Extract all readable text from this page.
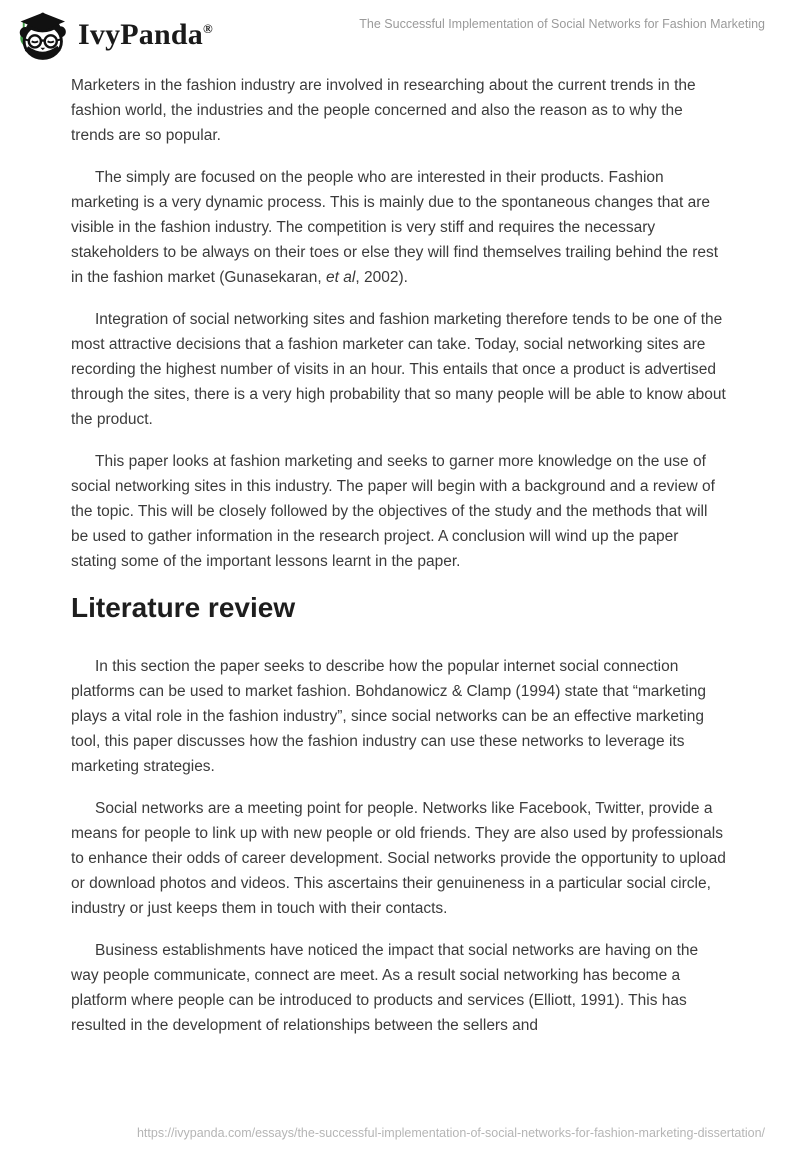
IvyPanda®	The Successful Implementation of Social Networks for Fashion Marketing

Marketers in the fashion industry are involved in researching about the current trends in the fashion world, the industries and the people concerned and also the reason as to why the trends are so popular.

The simply are focused on the people who are interested in their products. Fashion marketing is a very dynamic process. This is mainly due to the spontaneous changes that are visible in the fashion industry. The competition is very stiff and requires the necessary stakeholders to be always on their toes or else they will find themselves trailing behind the rest in the fashion market (Gunasekaran, et al, 2002).

Integration of social networking sites and fashion marketing therefore tends to be one of the most attractive decisions that a fashion marketer can take. Today, social networking sites are recording the highest number of visits in an hour. This entails that once a product is advertised through the sites, there is a very high probability that so many people will be able to know about the product.

This paper looks at fashion marketing and seeks to garner more knowledge on the use of social networking sites in this industry. The paper will begin with a background and a review of the topic. This will be closely followed by the objectives of the study and the methods that will be used to gather information in the research project. A conclusion will wind up the paper stating some of the important lessons learnt in the paper.

Literature review

In this section the paper seeks to describe how the popular internet social connection platforms can be used to market fashion. Bohdanowicz & Clamp (1994) state that “marketing plays a vital role in the fashion industry”, since social networks can be an effective marketing tool, this paper discusses how the fashion industry can use these networks to leverage its marketing strategies.

Social networks are a meeting point for people. Networks like Facebook, Twitter, provide a means for people to link up with new people or old friends. They are also used by professionals to enhance their odds of career development. Social networks provide the opportunity to upload or download photos and videos. This ascertains their genuineness in a particular social circle, industry or just keeps them in touch with their contacts.

Business establishments have noticed the impact that social networks are having on the way people communicate, connect are meet. As a result social networking has become a platform where people can be introduced to products and services (Elliott, 1991). This has resulted in the development of relationships between the sellers and

https://ivypanda.com/essays/the-successful-implementation-of-social-networks-for-fashion-marketing-dissertation/
